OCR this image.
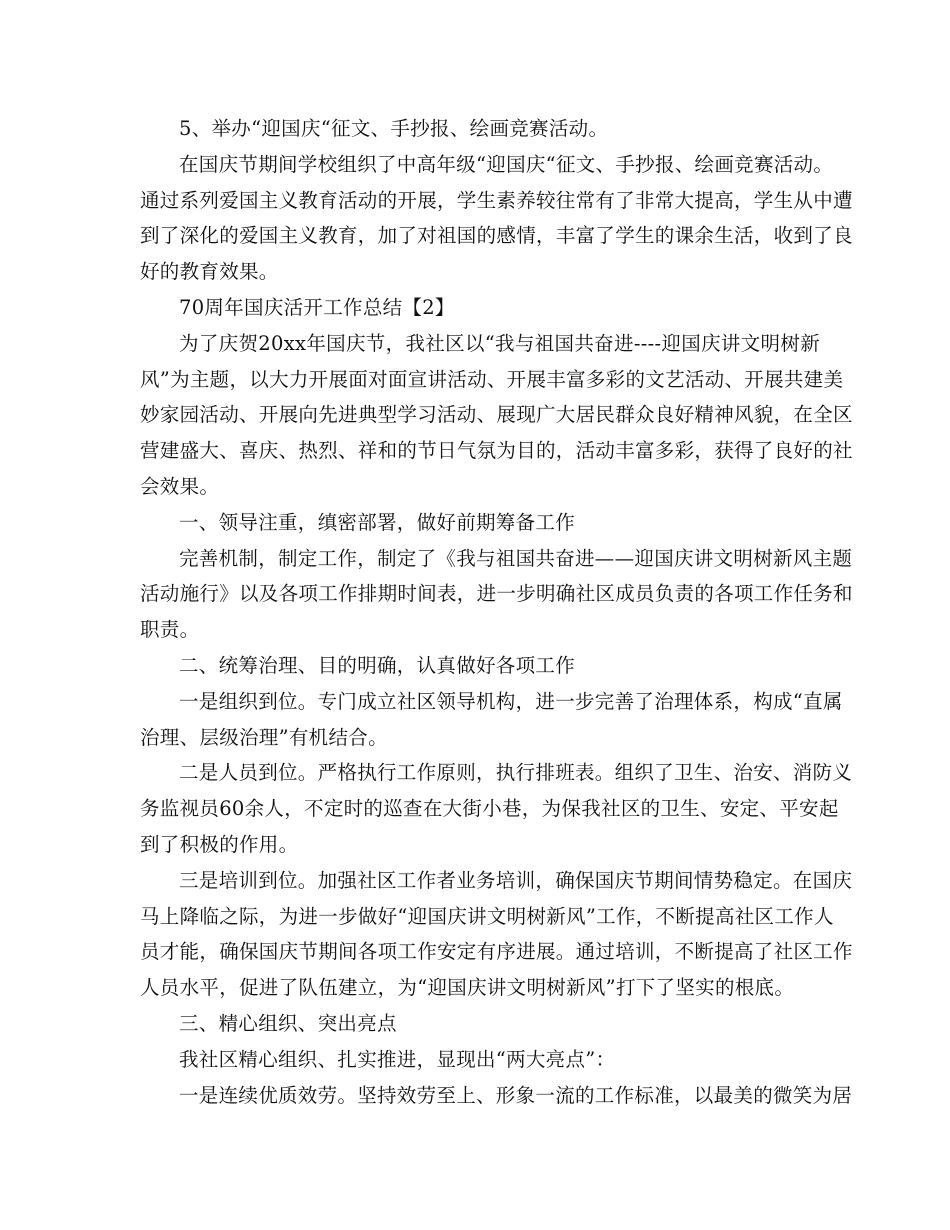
5、举办“迎国庆“征文、手抄报、绘画竞赛活动。
在国庆节期间学校组织了中高年级“迎国庆“征文、手抄报、绘画竞赛活动。
通过系列爱国主义教育活动的开展，学生素养较往常有了非常大提高，学生从中遭
到了深化的爱国主义教育，加了对祖国的感情，丰富了学生的课余生活，收到了良
好的教育效果。
70周年国庆活开工作总结【2】
为了庆贺20xx年国庆节，我社区以“我与祖国共奋进----迎国庆讲文明树新
风”为主题，以大力开展面对面宣讲活动、开展丰富多彩的文艺活动、开展共建美
妙家园活动、开展向先进典型学习活动、展现广大居民群众良好精神风貌，在全区
营建盛大、喜庆、热烈、祥和的节日气氛为目的，活动丰富多彩，获得了良好的社
会效果。
一、领导注重，缜密部署，做好前期筹备工作
完善机制，制定工作，制定了《我与祖国共奋进——迎国庆讲文明树新风主题
活动施行》以及各项工作排期时间表，进一步明确社区成员负责的各项工作任务和
职责。
二、统筹治理、目的明确，认真做好各项工作
一是组织到位。专门成立社区领导机构，进一步完善了治理体系，构成“直属
治理、层级治理”有机结合。
二是人员到位。严格执行工作原则，执行排班表。组织了卫生、治安、消防义
务监视员60余人，不定时的巡查在大街小巷，为保我社区的卫生、安定、平安起
到了积极的作用。
三是培训到位。加强社区工作者业务培训，确保国庆节期间情势稳定。在国庆
马上降临之际，为进一步做好“迎国庆讲文明树新风”工作，不断提高社区工作人
员才能，确保国庆节期间各项工作安定有序进展。通过培训，不断提高了社区工作
人员水平，促进了队伍建立，为“迎国庆讲文明树新风”打下了坚实的根底。
三、精心组织、突出亮点
我社区精心组织、扎实推进，显现出“两大亮点”：
一是连续优质效劳。坚持效劳至上、形象一流的工作标准，以最美的微笑为居
